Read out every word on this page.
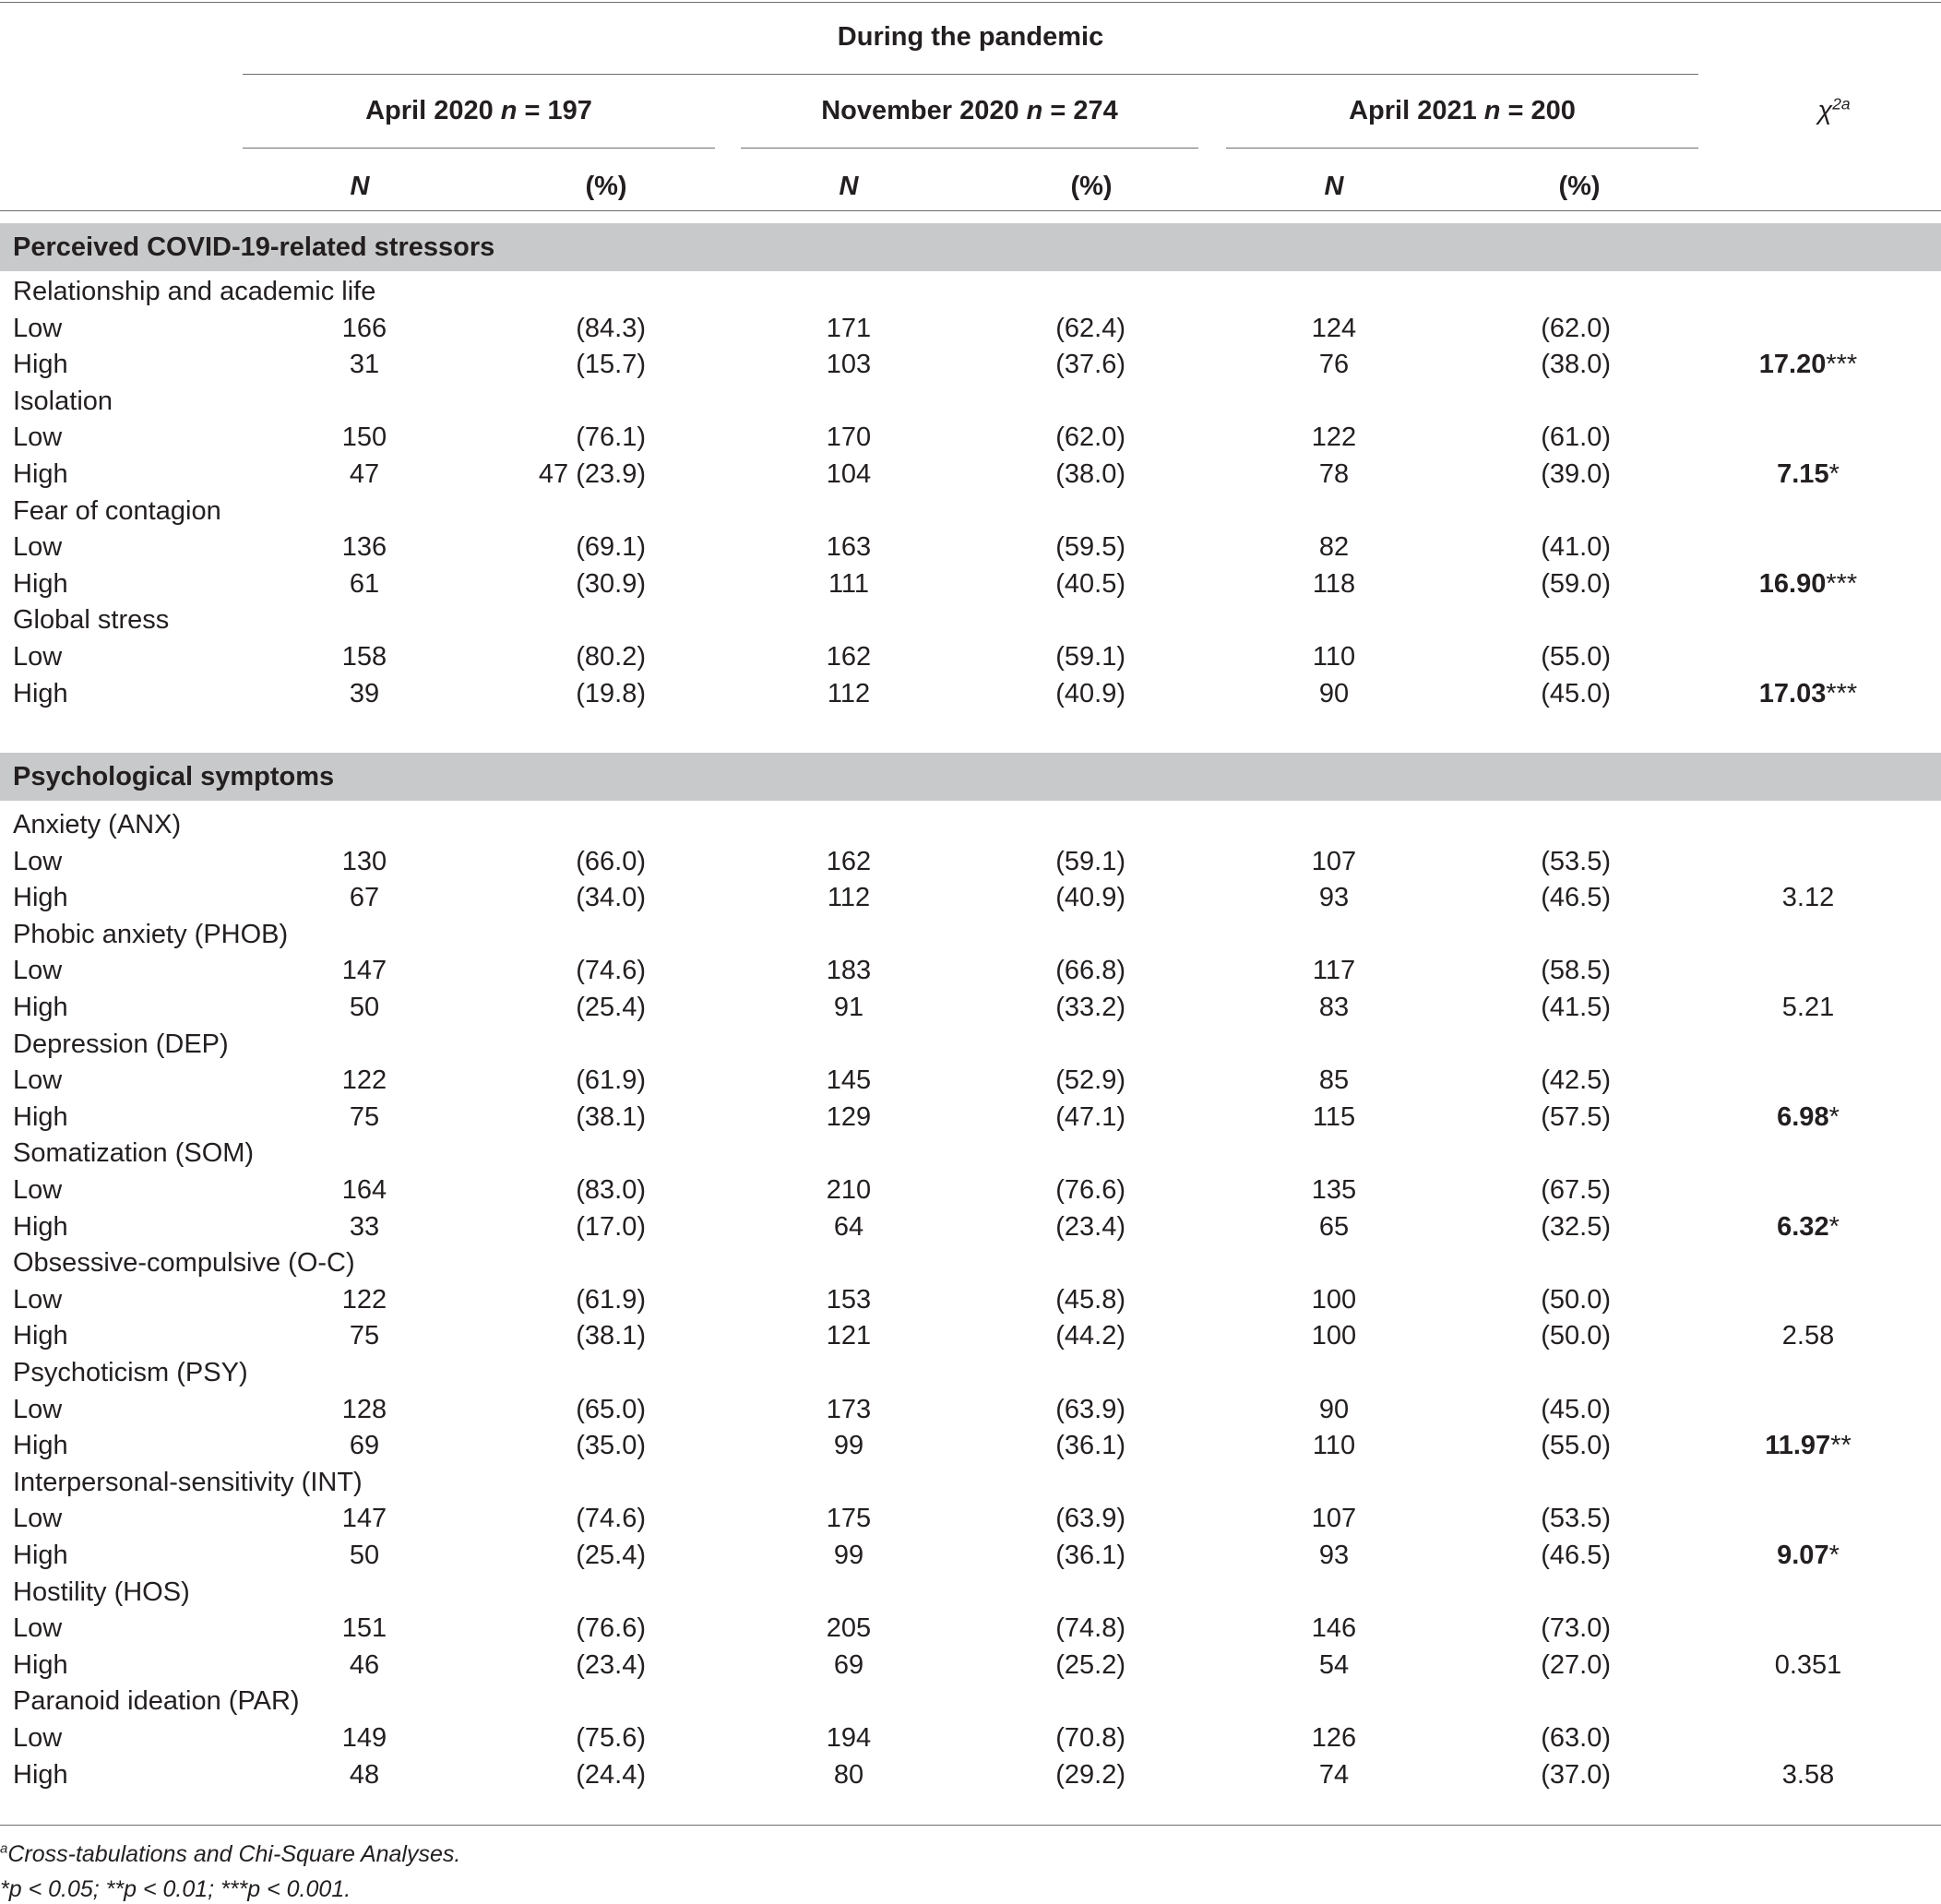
During the pandemic
April 2020 n = 197	November 2020 n = 274	April 2021 n = 200	$\chi^{2a}$
N	(%)	N	(%)	N	(%)
Perceived COVID-19-related stressors
Relationship and academic life
Low	166	(84.3)	171	(62.4)	124	(62.0)
High	31	(15.7)	103	(37.6)	76	(38.0)	17.20***
Isolation
Low	150	(76.1)	170	(62.0)	122	(61.0)
High	47	47 (23.9)	104	(38.0)	78	(39.0)	7.15*
Fear of contagion
Low	136	(69.1)	163	(59.5)	82	(41.0)
High	61	(30.9)	111	(40.5)	118	(59.0)	16.90***
Global stress
Low	158	(80.2)	162	(59.1)	110	(55.0)
High	39	(19.8)	112	(40.9)	90	(45.0)	17.03***
Psychological symptoms
Anxiety (ANX)
Low	130	(66.0)	162	(59.1)	107	(53.5)
High	67	(34.0)	112	(40.9)	93	(46.5)	3.12
Phobic anxiety (PHOB)
Low	147	(74.6)	183	(66.8)	117	(58.5)
High	50	(25.4)	91	(33.2)	83	(41.5)	5.21
Depression (DEP)
Low	122	(61.9)	145	(52.9)	85	(42.5)
High	75	(38.1)	129	(47.1)	115	(57.5)	6.98*
Somatization (SOM)
Low	164	(83.0)	210	(76.6)	135	(67.5)
High	33	(17.0)	64	(23.4)	65	(32.5)	6.32*
Obsessive-compulsive (O-C)
Low	122	(61.9)	153	(45.8)	100	(50.0)
High	75	(38.1)	121	(44.2)	100	(50.0)	2.58
Psychoticism (PSY)
Low	128	(65.0)	173	(63.9)	90	(45.0)
High	69	(35.0)	99	(36.1)	110	(55.0)	11.97**
Interpersonal-sensitivity (INT)
Low	147	(74.6)	175	(63.9)	107	(53.5)
High	50	(25.4)	99	(36.1)	93	(46.5)	9.07*
Hostility (HOS)
Low	151	(76.6)	205	(74.8)	146	(73.0)
High	46	(23.4)	69	(25.2)	54	(27.0)	0.351
Paranoid ideation (PAR)
Low	149	(75.6)	194	(70.8)	126	(63.0)
High	48	(24.4)	80	(29.2)	74	(37.0)	3.58
$^a$Cross-tabulations and Chi-Square Analyses.
*p < 0.05; **p < 0.01; ***p < 0.001.
